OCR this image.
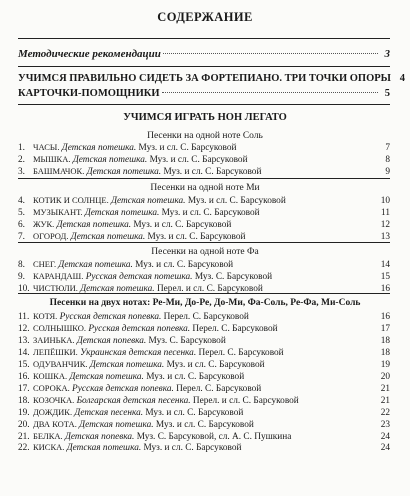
СОДЕРЖАНИЕ
Методические рекомендации	3
УЧИМСЯ ПРАВИЛЬНО СИДЕТЬ ЗА ФОРТЕПИАНО. ТРИ ТОЧКИ ОПОРЫ 4
КАРТОЧКИ-ПОМОЩНИКИ	5
УЧИМСЯ ИГРАТЬ НОН ЛЕГАТО
Песенки на одной ноте Соль
1. ЧАСЫ. Детская потешка. Муз. и сл. С. Барсуковой	7
2. МЫШКА. Детская потешка. Муз. и сл. С. Барсуковой	8
3. БАШМАЧОК. Детская потешка. Муз. и сл. С. Барсуковой	9
Песенки на одной ноте Ми
4. КОТИК И СОЛНЦЕ. Детская потешка. Муз. и сл. С. Барсуковой	10
5. МУЗЫКАНТ. Детская потешка. Муз. и сл. С. Барсуковой	11
6. ЖУК. Детская потешка. Муз. и сл. С. Барсуковой	12
7. ОГОРОД. Детская потешка. Муз. и сл. С. Барсуковой	13
Песенки на одной ноте Фа
8. СНЕГ. Детская потешка. Муз. и сл. С. Барсуковой	14
9. КАРАНДАШ. Русская детская потешка. Муз. С. Барсуковой	15
10. ЧИСТЮЛИ. Детская потешка. Перел. и сл. С. Барсуковой	16
Песенки на двух нотах: Ре-Ми, До-Ре, До-Ми, Фа-Соль, Ре-Фа, Ми-Соль
11. КОТЯ. Русская детская попевка. Перел. С. Барсуковой	16
12. СОЛНЫШКО. Русская детская попевка. Перел. С. Барсуковой	17
13. ЗАИНЬКА. Детская попевка. Муз. С. Барсуковой	18
14. ЛЕПЁШКИ. Украинская детская песенка. Перел. С. Барсуковой	18
15. ОДУВАНЧИК. Детская потешка. Муз. и сл. С. Барсуковой	19
16. КОШКА. Детская потешка. Муз. и сл. С. Барсуковой	20
17. СОРОКА. Русская детская попевка. Перел. С. Барсуковой	21
18. КОЗОЧКА. Болгарская детская песенка. Перел. и сл. С. Барсуковой	21
19. ДОЖДИК. Детская песенка. Муз. и сл. С. Барсуковой	22
20. ДВА КОТА. Детская потешка. Муз. и сл. С. Барсуковой	23
21. БЕЛКА. Детская попевка. Муз. С. Барсуковой, сл. А. С. Пушкина	24
22. КИСКА. Детская потешка. Муз. и сл. С. Барсуковой	24
